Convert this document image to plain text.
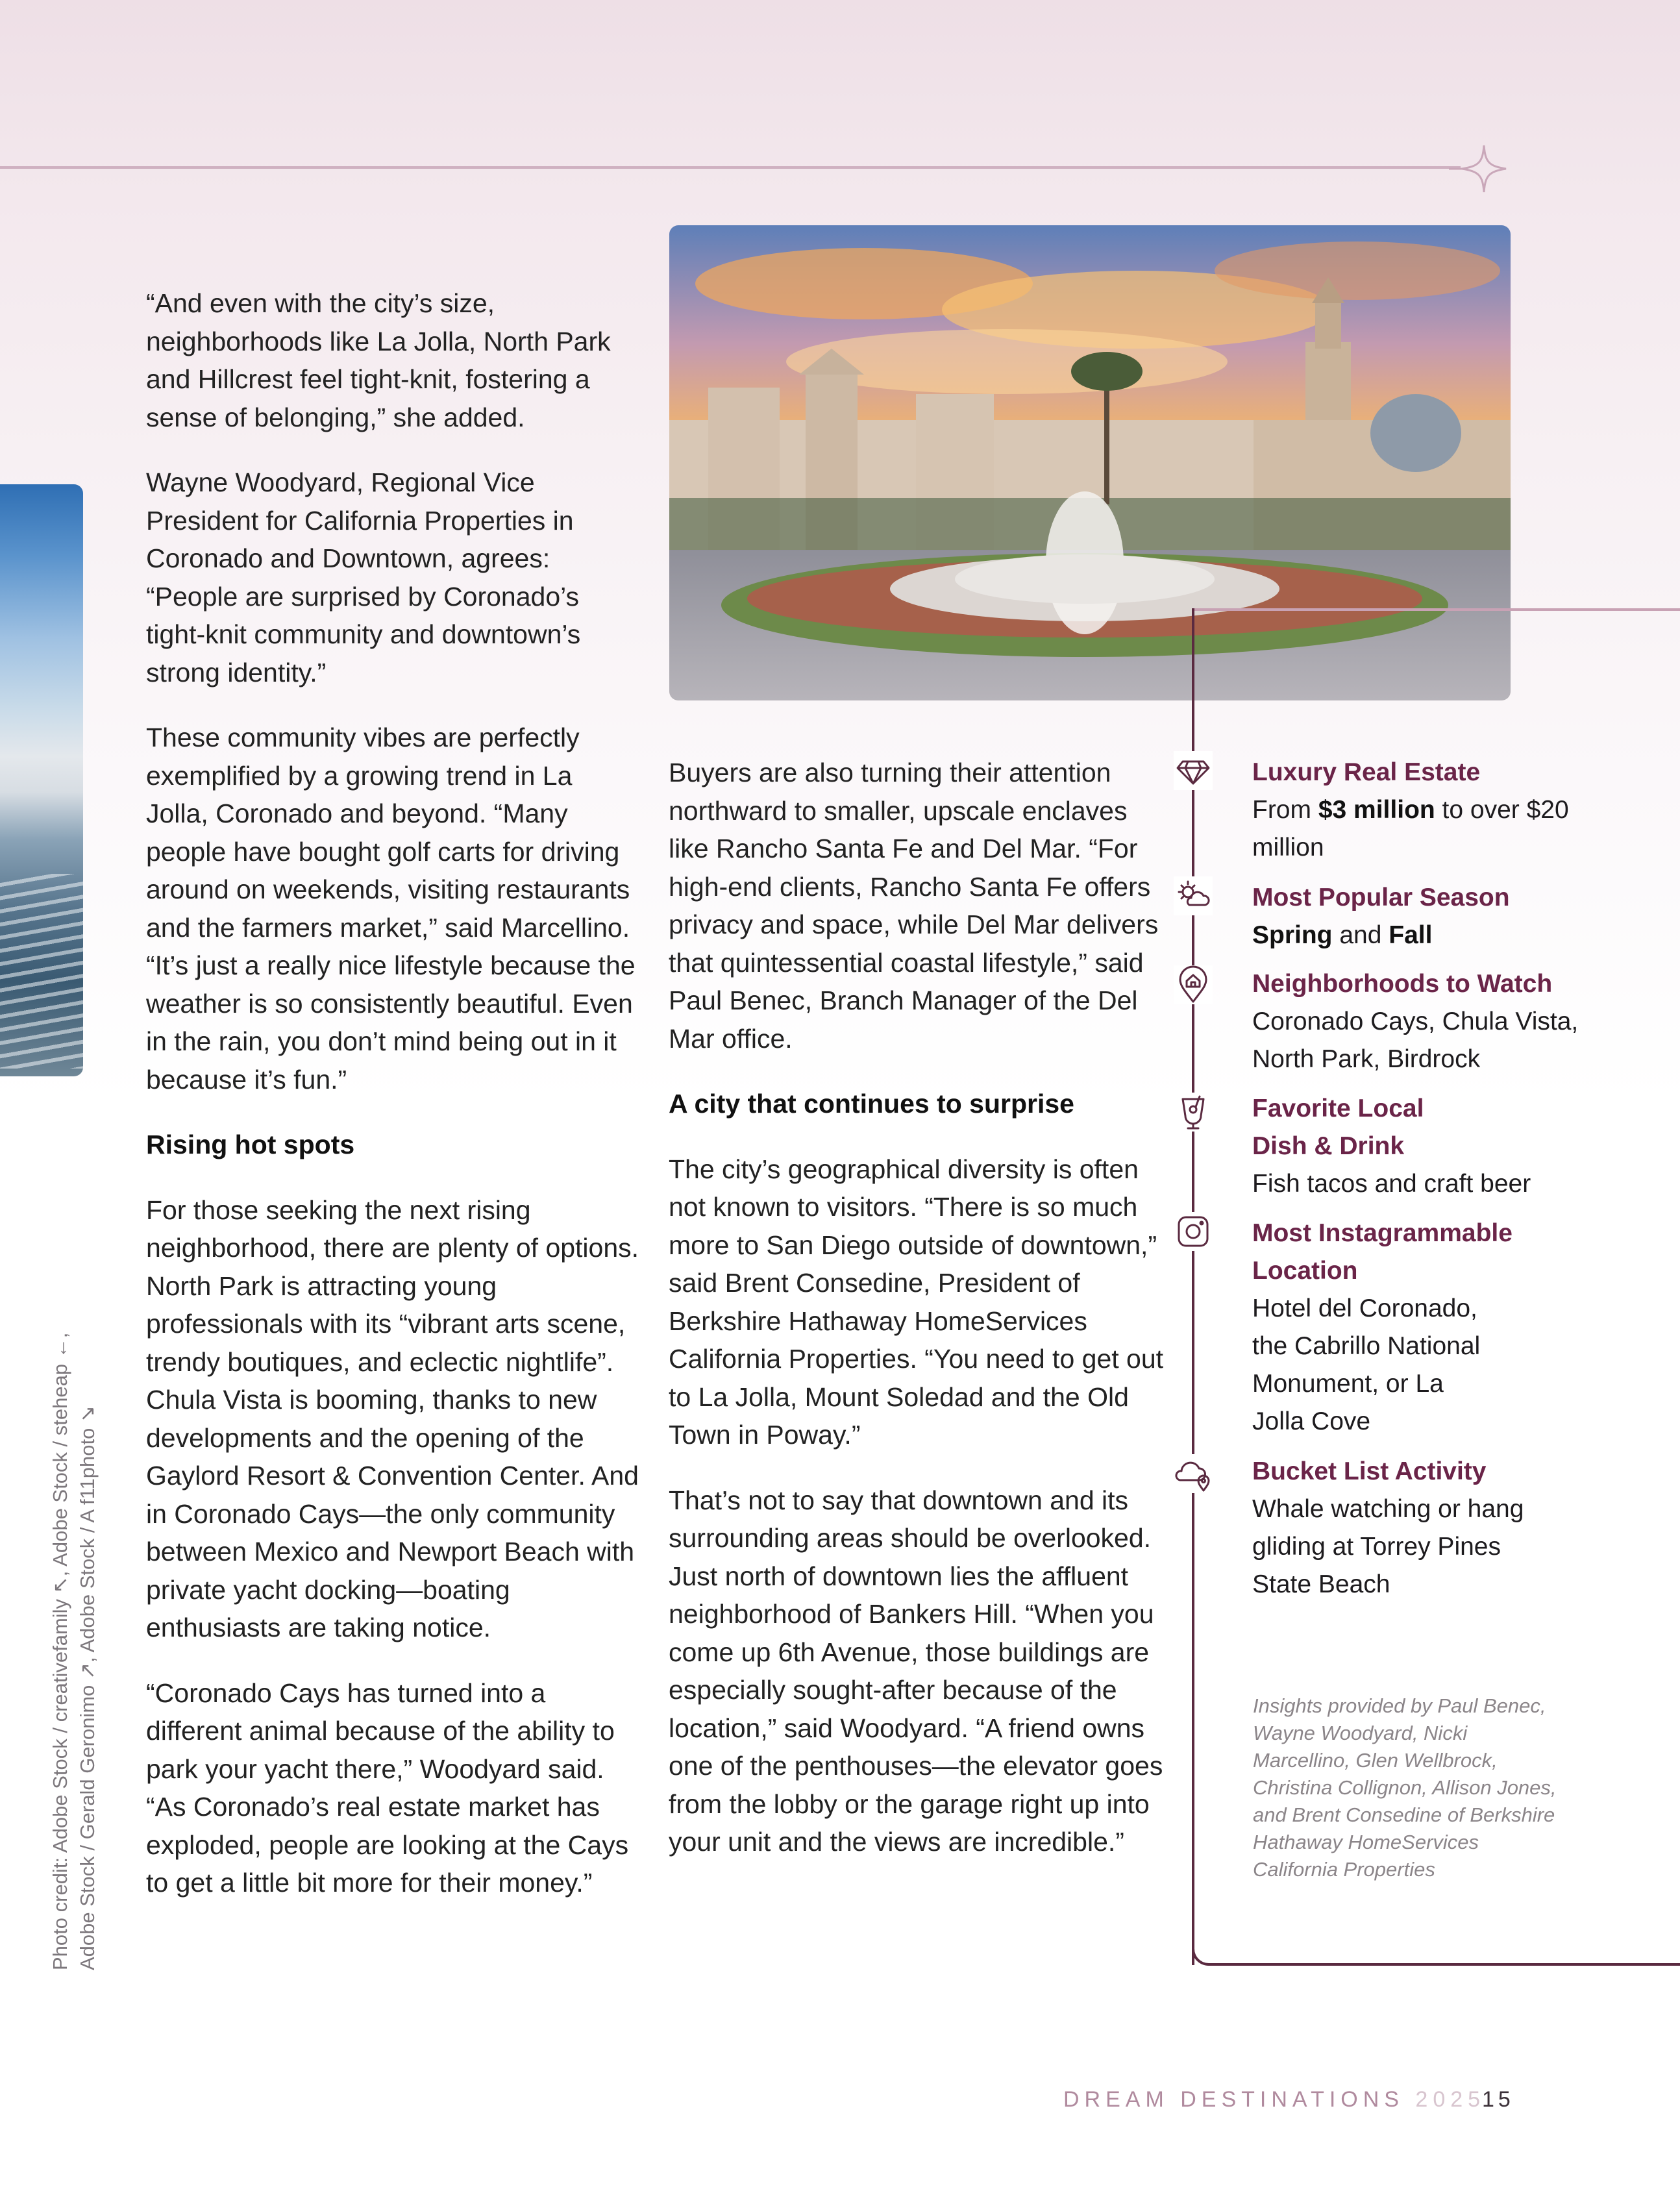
Photo credit: Adobe Stock / creativefamily ↖, Adobe Stock / steheap ←, Adobe Stock / Gerald Geronimo ↗, Adobe Stock / A f11photo ↘

“And even with the city’s size, neighborhoods like La Jolla, North Park and Hillcrest feel tight-knit, fostering a sense of belonging,” she added.

Wayne Woodyard, Regional Vice President for California Properties in Coronado and Downtown, agrees: “People are surprised by Coronado’s tight-knit community and downtown’s strong identity.”

These community vibes are perfectly exemplified by a growing trend in La Jolla, Coronado and beyond. “Many people have bought golf carts for driving around on weekends, visiting restaurants and the farmers market,” said Marcellino. “It’s just a really nice lifestyle because the weather is so consistently beautiful. Even in the rain, you don’t mind being out in it because it’s fun.”

Rising hot spots

For those seeking the next rising neighborhood, there are plenty of options. North Park is attracting young professionals with its “vibrant arts scene, trendy boutiques, and eclectic nightlife”. Chula Vista is booming, thanks to new developments and the opening of the Gaylord Resort & Convention Center. And in Coronado Cays—the only community between Mexico and Newport Beach with private yacht docking—boating enthusiasts are taking notice.

“Coronado Cays has turned into a different animal because of the ability to park your yacht there,” Woodyard said. “As Coronado’s real estate market has exploded, people are looking at the Cays to get a little bit more for their money.”

Buyers are also turning their attention northward to smaller, upscale enclaves like Rancho Santa Fe and Del Mar. “For high-end clients, Rancho Santa Fe offers privacy and space, while Del Mar delivers that quintessential coastal lifestyle,” said Paul Benec, Branch Manager of the Del Mar office.

A city that continues to surprise

The city’s geographical diversity is often not known to visitors. “There is so much more to San Diego outside of downtown,” said Brent Consedine, President of Berkshire Hathaway HomeServices California Properties. “You need to get out to La Jolla, Mount Soledad and the Old Town in Poway.”

That’s not to say that downtown and its surrounding areas should be overlooked. Just north of downtown lies the affluent neighborhood of Bankers Hill. “When you come up 6th Avenue, those buildings are especially sought-after because of the location,” said Woodyard. “A friend owns one of the penthouses—the elevator goes from the lobby or the garage right up into your unit and the views are incredible.”

Luxury Real Estate
From $3 million to over $20 million
Most Popular Season
Spring and Fall
Neighborhoods to Watch
Coronado Cays, Chula Vista, North Park, Birdrock
Favorite Local Dish & Drink
Fish tacos and craft beer
Most Instagrammable Location
Hotel del Coronado, the Cabrillo National Monument, or La Jolla Cove
Bucket List Activity
Whale watching or hang gliding at Torrey Pines State Beach
Insights provided by Paul Benec, Wayne Woodyard, Nicki Marcellino, Glen Wellbrock, Christina Collignon, Allison Jones, and Brent Consedine of Berkshire Hathaway HomeServices California Properties
DREAM DESTINATIONS 2025
15
